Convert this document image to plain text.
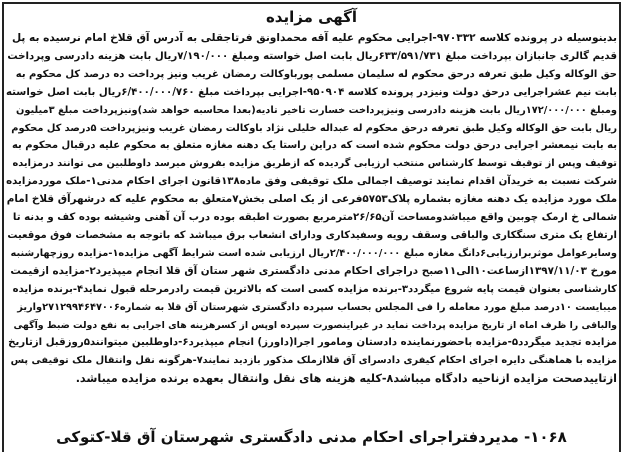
آگهی مزایده
بدینوسیله در پرونده کلاسه ۹۷۰۳۳۲-اجرایی محکوم علیه آقه محمداونق فرتاجقلی به آدرس آق قلاخ امام نرسیده به پل
قدیم گالری جانبازان بپرداخت مبلغ ۶۳۳/۵۹۱/۷۳۱ریال بابت اصل خواسته ومبلغ ۷/۱۹۰/۰۰۰ریال بابت هزینه دادرسی وپرداخت
حق الوکاله وکیل طبق تعرفه درحق محکوم له سلیمان مسلمی پورباوکالت رمضان غریب ونیز پرداخت ده درصد کل محکوم به
بابت نیم عشراجرایی درحق دولت ونیزدر پرونده کلاسه ۹۵۰۹۰۴-اجرایی بپرداخت مبلغ ۶/۴۰۰/۰۰۰/۷۶۰ریال بابت اصل خواسته
ومبلغ ۱۷۲/۰۰۰/۰۰۰ریال بابت هزینه دادرسی ونیزپرداخت خسارت تاخیر تادیه(بعدا محاسبه خواهد شد)ونیزپرداخت مبلغ ۳میلیون
ریال بابت حق الوکاله وکیل طبق تعرفه درحق محکوم له عبداله خلیلی نژاد باوکالت رمضان غریب ونیزپرداخت ۵درصد کل محکوم
به بابت نیمعشر اجرایی درحق دولت محکوم شده است که دراین راستا یک دهنه مغازه متعلق به محکوم علیه درقبال محکوم به
توقیف وپس از توقیف توسط کارشناس منتخب ارزیابی گردیده که ازطریق مزایده بفروش میرسد داوطلبین می توانند درمزایده
شرکت نسبت به خریدآن اقدام نمایند توصیف اجمالی ملک توقیفی وفق ماده۱۳۸قانون اجرای احکام مدنی۱-ملک موردمزایده
ملک مورد مزایده یک دهنه مغازه بشماره پلاک۵۷۵۳فرعی از یک اصلی بخش۷متعلق به محکوم علیه که درشهرآق قلاخ امام
شمالی خ ارمک چوبین واقع میباشدومساحت آن۲۶/۶۵مترمربع بصورت اطبقه بوده درب آن آهنی وشیشه بوده کف و بدنه تا
ارتفاع یک متری سنگکاری والباقی وسقف رویه وسفیدکاری ودارای انشعاب برق میباشد که باتوجه به مشخصات فوق موقعیت
وسایرعوامل موثربرارزیابی۶دانگ مغازه مبلغ ۲/۴۰۰/۰۰۰/۰۰۰ریال ارزیابی شده است شرایط آگهی مزایده۱-مزایده روزچهارشنبه
مورخ ۱۳۹۷/۱۱/۰۳ازساعت۱۰الی۱۱صبح دراجرای احکام مدنی دادگستری شهر ستان آق قلا انجام میپذیرد۲-مزایده ازقیمت
کارشناسی بعنوان قیمت پایه شروع میگردد۳-برنده مزایده کسی است که بالاترین قیمت رادرمرحله قبول نماید۴-برنده مزایده
میبایست ۱۰درصد مبلغ مورد معامله را فی المجلس بحساب سپرده دادگستری شهرستان آق قلا به شماره۲۷۱۲۹۹۴۶۴۷۰۰۶واریز
والباقی را ظرف اماه از تاریخ مزایده پرداخت نماید در غیراینصورت سپرده اوپس از کسرهزینه های اجرایی به نفع دولت ضبط وآگهی
مزایده تجدید میگردد۵-مزایده باحضورنماینده دادستان ومامور اجرا(داورز) انجام میپذیرد۶-داوطلبین میتوانند۵روزقبل ازتاریخ
مزایده با هماهنگی دایره اجرای احکام کیفری دادسرای آق قلاازملک مذکور بازدید نمایند۷-هرگونه نقل وانتقال ملک توقیفی پس
ازتاییدصحت مزایده ازناحیه دادگاه میباشد۸-کلیه هزینه های نقل وانتقال بعهده برنده مزایده میباشد.
۱۰۶۸- مدیردفتراجرای احکام مدنی دادگستری شهرستان آق قلا-کتوکی
